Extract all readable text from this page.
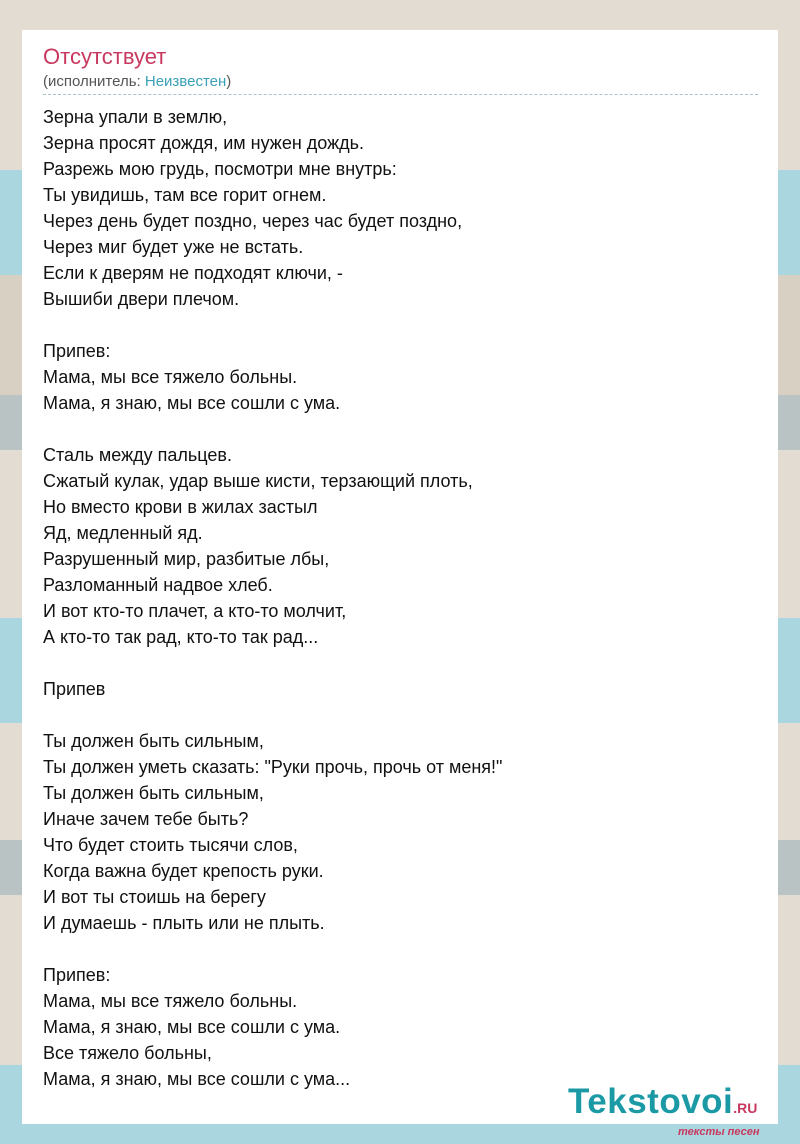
Отсутствует
(исполнитель: Неизвестен)
Зерна упали в землю,
Зерна просят дождя, им нужен дождь.
Разрежь мою грудь, посмотри мне внутрь:
Ты увидишь, там все горит огнем.
Через день будет поздно, через час будет поздно,
Через миг будет уже не встать.
Если к дверям не подходят ключи, -
Вышиби двери плечом.
Припев:
Мама, мы все тяжело больны.
Мама, я знаю, мы все сошли с ума.
Сталь между пальцев.
Сжатый кулак, удар выше кисти, терзающий плоть,
Но вместо крови в жилах застыл
Яд, медленный яд.
Разрушенный мир, разбитые лбы,
Разломанный надвое хлеб.
И вот кто-то плачет, а кто-то молчит,
А кто-то так рад, кто-то так рад...
Припев
Ты должен быть сильным,
Ты должен уметь сказать: "Руки прочь, прочь от меня!"
Ты должен быть сильным,
Иначе зачем тебе быть?
Что будет стоить тысячи слов,
Когда важна будет крепость руки.
И вот ты стоишь на берегу
И думаешь - плыть или не плыть.
Припев:
Мама, мы все тяжело больны.
Мама, я знаю, мы все сошли с ума.
Все тяжело больны,
Мама, я знаю, мы все сошли с ума...
Tekstovoi.RU
тексты песен
